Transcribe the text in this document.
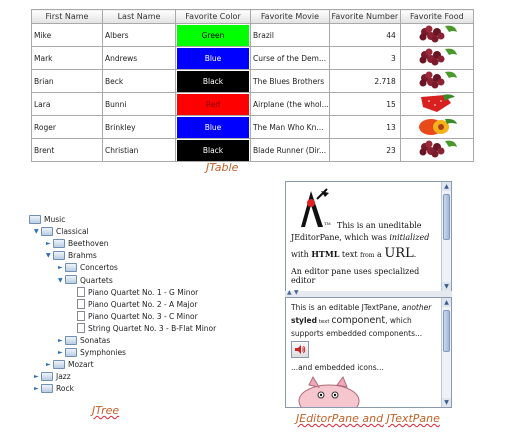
First Name	Last Name	Favorite Color	Favorite Movie	Favorite Number	Favorite Food
Mike	Albers	Green	Brazil	44	
Mark	Andrews	Blue	Curse of the Dem...	3	
Brian	Beck	Black	The Blues Brothers	2.718	
Lara	Bunni	Red	Airplane (the whol...	15	
Roger	Brinkley	Blue	The Man Who Kn...	13	
Brent	Christian	Black	Blade Runner (Dir...	23	
JTable
Music
▼ Classical
► Beethoven
▼ Brahms
► Concertos
▼ Quartets
Piano Quartet No. 1 - G Minor
Piano Quartet No. 2 - A Major
Piano Quartet No. 3 - C Minor
String Quartet No. 3 - B-Flat Minor
► Sonatas
► Symphonies
► Mozart
► Jazz
► Rock
JTree
TM This is an uneditable
JEditorPane, which was initialized
with HTML text from a URL.
An editor pane uses specialized editor
▲
▼
▲ ▼
This is an editable JTextPane, another
styled text component, which
supports embedded components...
...and embedded icons...
▲
▼
JEditorPane and JTextPane
